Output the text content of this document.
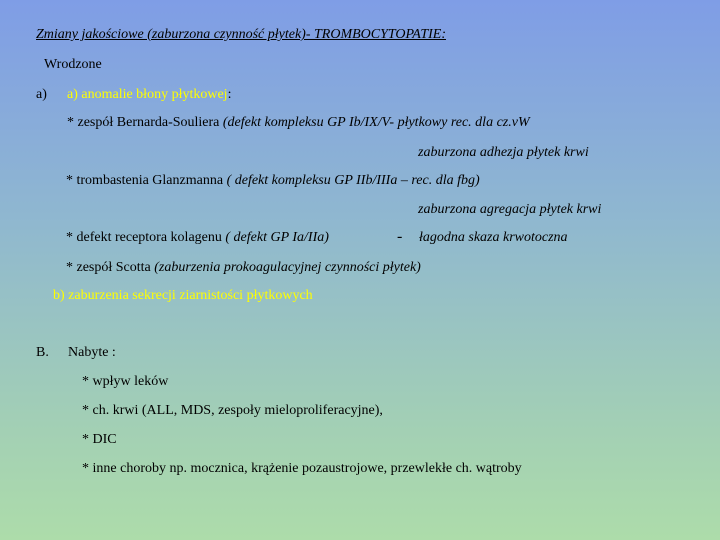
Zmiany jakościowe (zaburzona czynność płytek)- TROMBOCYTOPATIE:
Wrodzone
a) a) anomalie błony płytkowej:
* zespół Bernarda-Souliera (defekt kompleksu GP Ib/IX/V- płytkowy rec. dla cz.vW
zaburzona adhezja płytek krwi
* trombastenia Glanzmanna ( defekt kompleksu GP IIb/IIIa – rec. dla fbg)
zaburzona agregacja płytek krwi
* defekt receptora kolagenu ( defekt GP Ia/IIa)	- łagodna skaza krwotoczna
* zespół Scotta (zaburzenia prokoagulacyjnej czynności płytek)
b) zaburzenia sekrecji ziarnistości płytkowych
B. Nabyte :
* wpływ leków
* ch. krwi (ALL, MDS, zespoły mieloproliferacyjne),
* DIC
* inne choroby np. mocznica, krążenie pozaustrojowe, przewlekłe ch. wątroby
